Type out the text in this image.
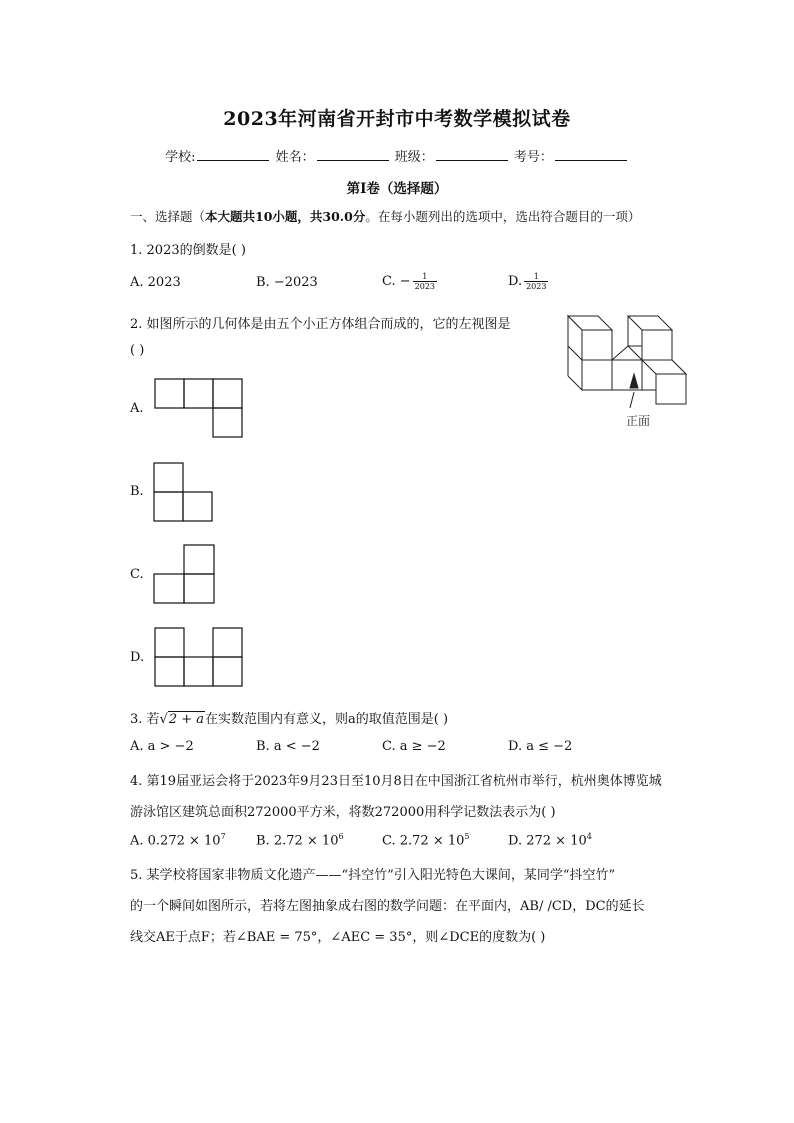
2023年河南省开封市中考数学模拟试卷
学校:	姓名：	班级：	考号：
第Ⅰ卷（选择题）
一、选择题（本大题共10小题，共30.0分。在每小题列出的选项中，选出符合题目的一项）
1. 2023的倒数是( )
A. 2023	B. −2023	C. − $\frac{1}{2023}$	D. $\frac{1}{2023}$
2. 如图所示的几何体是由五个小正方体组合而成的，它的左视图是
( )
正面
A.
B.
C.
D.
3. 若√2 + a在实数范围内有意义，则a的取值范围是( )
A. a > −2	B. a < −2	C. a ≥ −2	D. a ≤ −2
4. 第19届亚运会将于2023年9月23日至10月8日在中国浙江省杭州市举行，杭州奥体博览城
游泳馆区建筑总面积272000平方米，将数272000用科学记数法表示为( )
A. $0.272 \times 10^7$ B. $2.72 \times 10^6$	C. $2.72 \times 10^5$	D. $272 \times 10^4$
5. 某学校将国家非物质文化遗产——“抖空竹”引入阳光特色大课间，某同学“抖空竹”
的一个瞬间如图所示，若将左图抽象成右图的数学问题：在平面内，AB/ /CD，DC的延长
线交AE于点F；若∠BAE = 75°，∠AEC = 35°，则∠DCE的度数为( )
